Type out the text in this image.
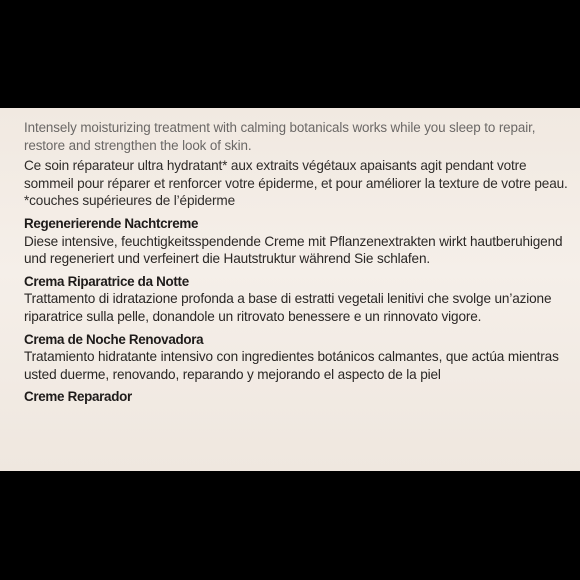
Intensely moisturizing treatment with calming botanicals works while you sleep to repair, restore and strengthen the look of skin.

Ce soin réparateur ultra hydratant* aux extraits végétaux apaisants agit pendant votre sommeil pour réparer et renforcer votre épiderme, et pour améliorer la texture de votre peau.

*couches supérieures de l’épiderme

Regenerierende Nachtcreme

Diese intensive, feuchtigkeitsspendende Creme mit Pflanzenextrakten wirkt hautberuhigend und regeneriert und verfeinert die Hautstruktur während Sie schlafen.

Crema Riparatrice da Notte

Trattamento di idratazione profonda a base di estratti vegetali lenitivi che svolge un’azione riparatrice sulla pelle, donandole un ritrovato benessere e un rinnovato vigore.

Crema de Noche Renovadora

Tratamiento hidratante intensivo con ingredientes botánicos calmantes, que actúa mientras usted duerme, renovando, reparando y mejorando el aspecto de la piel

Creme Reparador
